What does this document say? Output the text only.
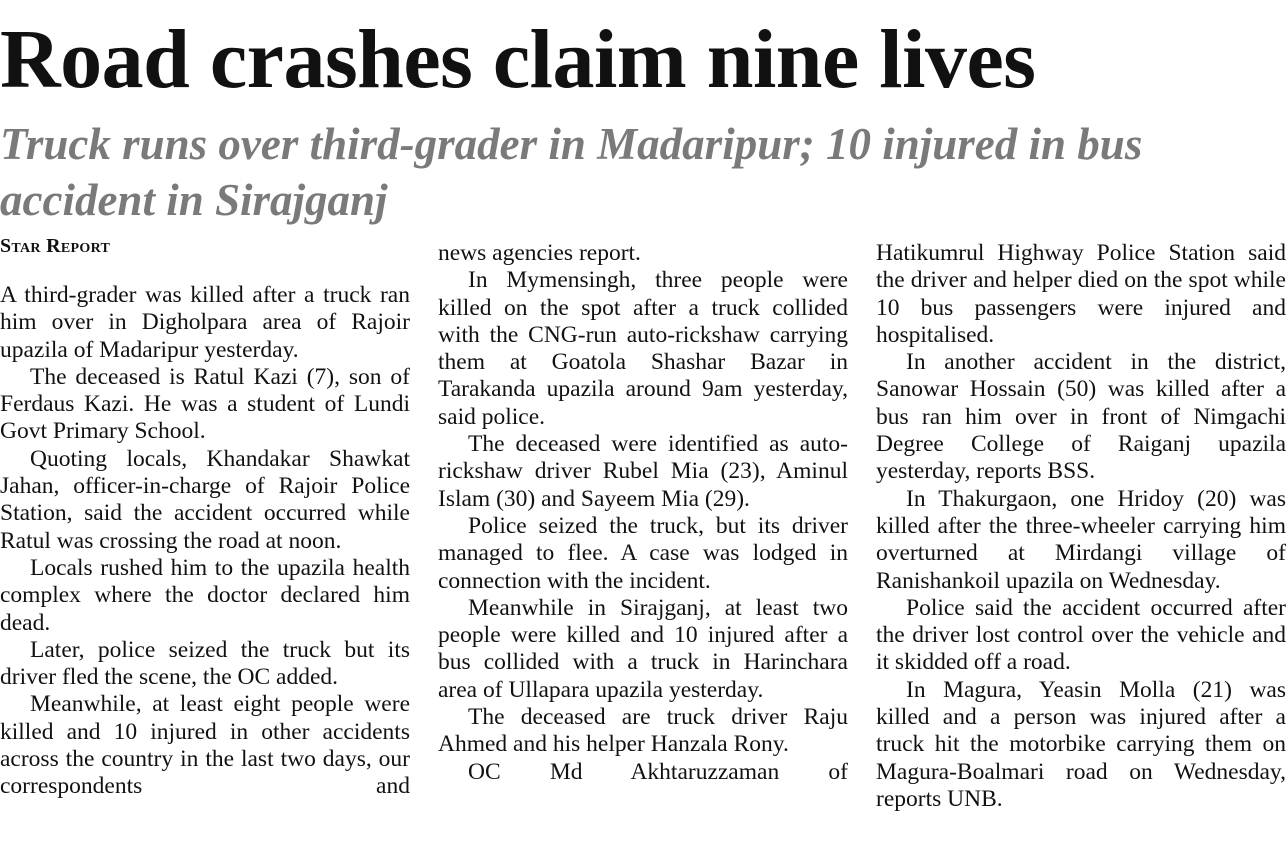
Road crashes claim nine lives
Truck runs over third-grader in Madaripur; 10 injured in bus accident in Sirajganj
Star Report

A third-grader was killed after a truck ran him over in Digholpara area of Rajoir upazila of Madaripur yesterday.

The deceased is Ratul Kazi (7), son of Ferdaus Kazi. He was a student of Lundi Govt Primary School.

Quoting locals, Khandakar Shawkat Jahan, officer-in-charge of Rajoir Police Station, said the accident occurred while Ratul was crossing the road at noon.

Locals rushed him to the upazila health complex where the doctor declared him dead.

Later, police seized the truck but its driver fled the scene, the OC added.

Meanwhile, at least eight people were killed and 10 injured in other accidents across the country in the last two days, our correspondents and

news agencies report.

In Mymensingh, three people were killed on the spot after a truck collided with the CNG-run auto-rickshaw carrying them at Goatola Shashar Bazar in Tarakanda upazila around 9am yesterday, said police.

The deceased were identified as auto-rickshaw driver Rubel Mia (23), Aminul Islam (30) and Sayeem Mia (29).

Police seized the truck, but its driver managed to flee. A case was lodged in connection with the incident.

Meanwhile in Sirajganj, at least two people were killed and 10 injured after a bus collided with a truck in Harinchara area of Ullapara upazila yesterday.

The deceased are truck driver Raju Ahmed and his helper Hanzala Rony.

OC Md Akhtaruzzaman of

Hatikumrul Highway Police Station said the driver and helper died on the spot while 10 bus passengers were injured and hospitalised.

In another accident in the district, Sanowar Hossain (50) was killed after a bus ran him over in front of Nimgachi Degree College of Raiganj upazila yesterday, reports BSS.

In Thakurgaon, one Hridoy (20) was killed after the three-wheeler carrying him overturned at Mirdangi village of Ranishankoil upazila on Wednesday.

Police said the accident occurred after the driver lost control over the vehicle and it skidded off a road.

In Magura, Yeasin Molla (21) was killed and a person was injured after a truck hit the motorbike carrying them on Magura-Boalmari road on Wednesday, reports UNB.
